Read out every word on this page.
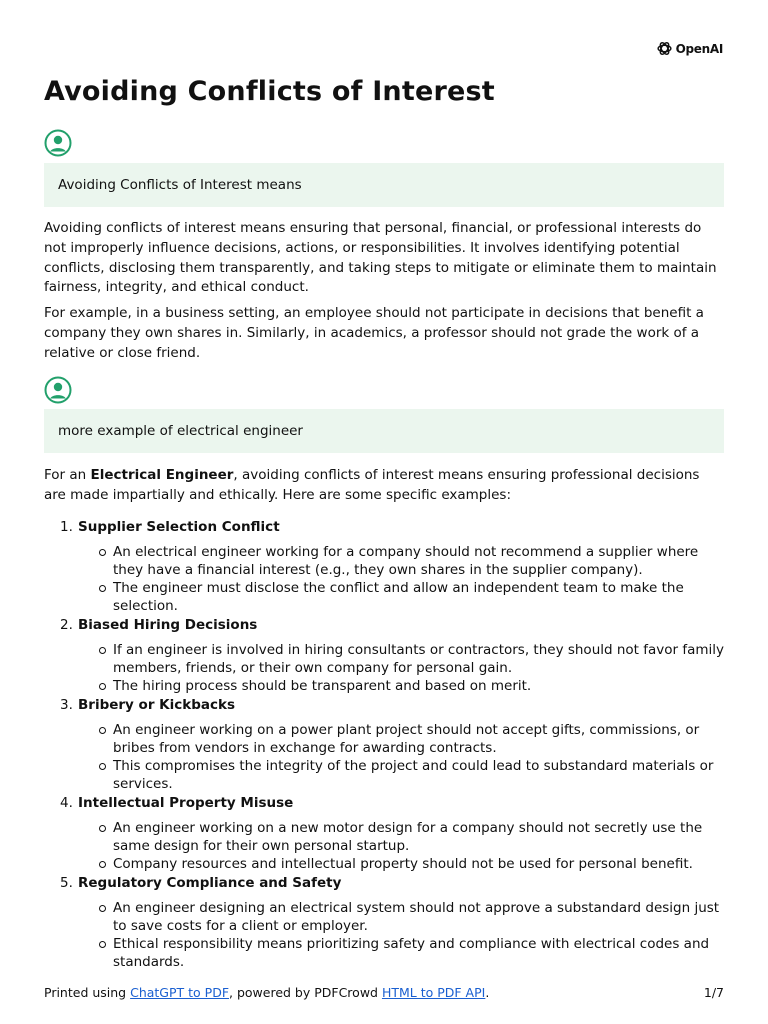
OpenAI
Avoiding Conflicts of Interest
Avoiding Conflicts of Interest means

Avoiding conflicts of interest means ensuring that personal, financial, or professional interests do not improperly influence decisions, actions, or responsibilities. It involves identifying potential conflicts, disclosing them transparently, and taking steps to mitigate or eliminate them to maintain fairness, integrity, and ethical conduct.

For example, in a business setting, an employee should not participate in decisions that benefit a company they own shares in. Similarly, in academics, a professor should not grade the work of a relative or close friend.

more example of electrical engineer

For an Electrical Engineer, avoiding conflicts of interest means ensuring professional decisions are made impartially and ethically. Here are some specific examples:

1. Supplier Selection Conflict
An electrical engineer working for a company should not recommend a supplier where they have a financial interest (e.g., they own shares in the supplier company).
The engineer must disclose the conflict and allow an independent team to make the selection.
2. Biased Hiring Decisions
If an engineer is involved in hiring consultants or contractors, they should not favor family members, friends, or their own company for personal gain.
The hiring process should be transparent and based on merit.
3. Bribery or Kickbacks
An engineer working on a power plant project should not accept gifts, commissions, or bribes from vendors in exchange for awarding contracts.
This compromises the integrity of the project and could lead to substandard materials or services.
4. Intellectual Property Misuse
An engineer working on a new motor design for a company should not secretly use the same design for their own personal startup.
Company resources and intellectual property should not be used for personal benefit.
5. Regulatory Compliance and Safety
An engineer designing an electrical system should not approve a substandard design just to save costs for a client or employer.
Ethical responsibility means prioritizing safety and compliance with electrical codes and standards.
Printed using ChatGPT to PDF, powered by PDFCrowd HTML to PDF API.	1/7
